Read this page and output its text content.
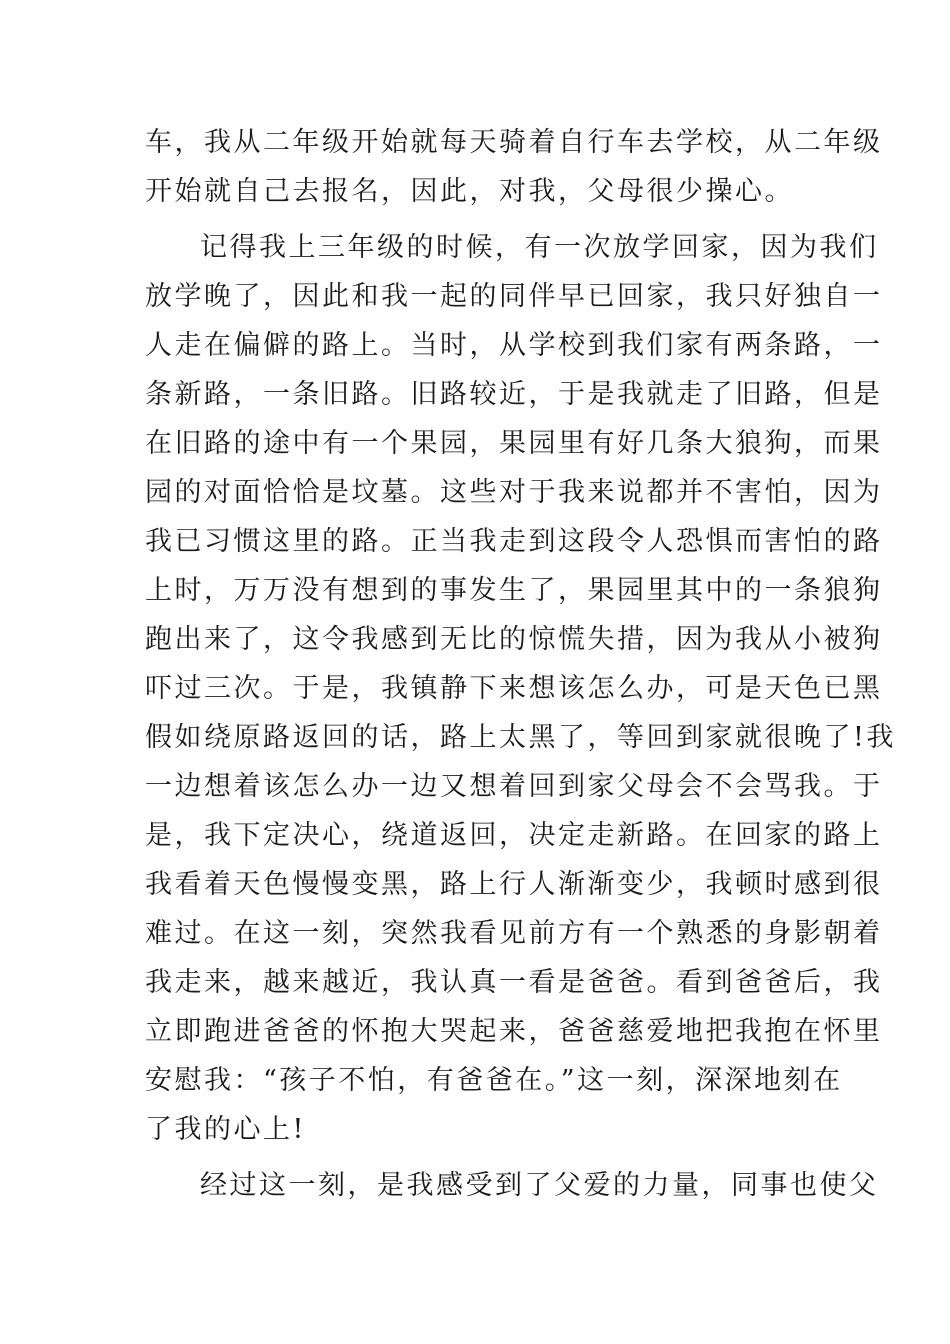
车，我从二年级开始就每天骑着自行车去学校，从二年级
开始就自己去报名，因此，对我，父母很少操心。
记得我上三年级的时候，有一次放学回家，因为我们
放学晚了，因此和我一起的同伴早已回家，我只好独自一
人走在偏僻的路上。当时，从学校到我们家有两条路，一
条新路，一条旧路。旧路较近，于是我就走了旧路，但是
在旧路的途中有一个果园，果园里有好几条大狼狗，而果
园的对面恰恰是坟墓。这些对于我来说都并不害怕，因为
我已习惯这里的路。正当我走到这段令人恐惧而害怕的路
上时，万万没有想到的事发生了，果园里其中的一条狼狗
跑出来了，这令我感到无比的惊慌失措，因为我从小被狗
吓过三次。于是，我镇静下来想该怎么办，可是天色已黑
假如绕原路返回的话，路上太黑了，等回到家就很晚了!我
一边想着该怎么办一边又想着回到家父母会不会骂我。于
是，我下定决心，绕道返回，决定走新路。在回家的路上
我看着天色慢慢变黑，路上行人渐渐变少，我顿时感到很
难过。在这一刻，突然我看见前方有一个熟悉的身影朝着
我走来，越来越近，我认真一看是爸爸。看到爸爸后，我
立即跑进爸爸的怀抱大哭起来，爸爸慈爱地把我抱在怀里
安慰我：“孩子不怕，有爸爸在。”这一刻，深深地刻在
了我的心上!
经过这一刻，是我感受到了父爱的力量，同事也使父
